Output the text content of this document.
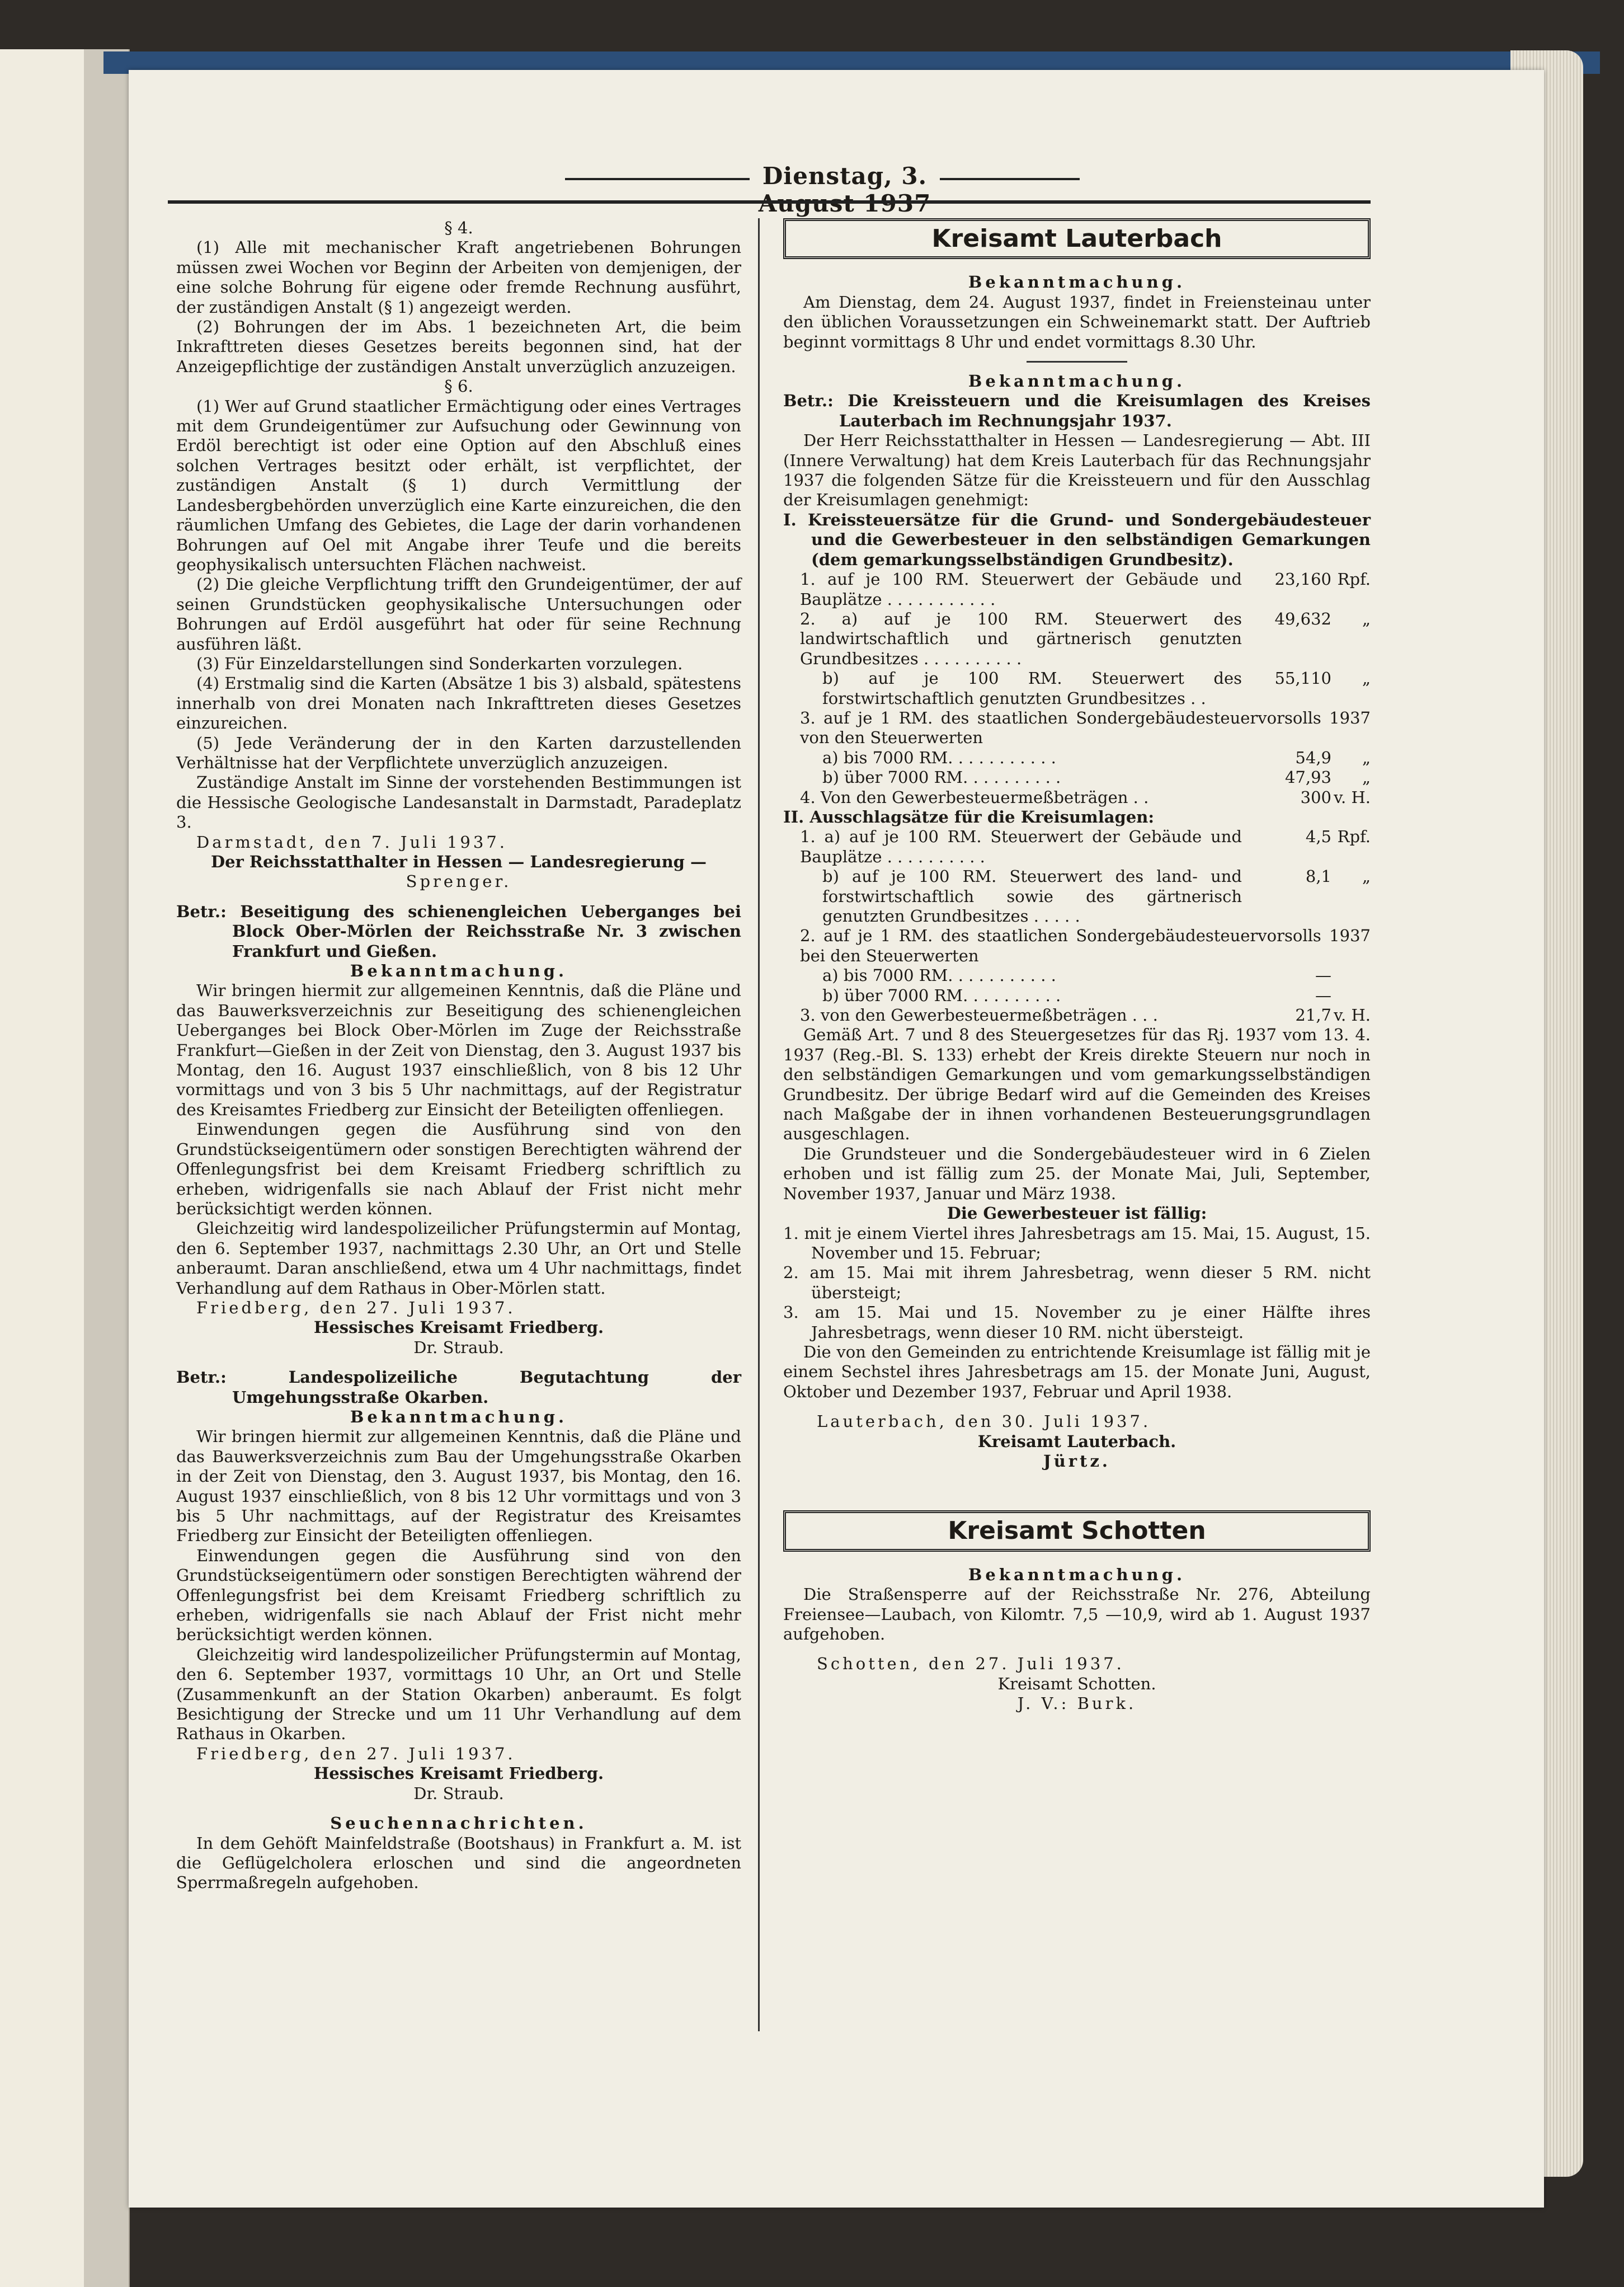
Dienstag, 3.

§ 4.

(1) Alle mit mechanischer Kraft angetriebenen Bohrungen müssen zwei Wochen vor Beginn der Arbeiten von demjenigen, der eine solche Bohrung für eigene oder fremde Rechnung ausführt, der zuständigen Anstalt (§ 1) angezeigt werden.

(2) Bohrungen der im Abs. 1 bezeichneten Art, die beim Inkrafttreten dieses Gesetzes bereits begonnen sind, hat der Anzeigepflichtige der zuständigen Anstalt unverzüglich anzuzeigen.

§ 6.

(1) Wer auf Grund staatlicher Ermächtigung oder eines Vertrages mit dem Grundeigentümer zur Aufsuchung oder Gewinnung von Erdöl berechtigt ist oder eine Option auf den Abschluß eines solchen Vertrages besitzt oder erhält, ist verpflichtet, der zuständigen Anstalt (§ 1) durch Vermittlung der Landesbergbehörden unverzüglich eine Karte einzureichen, die den räumlichen Umfang des Gebietes, die Lage der darin vorhandenen Bohrungen auf Oel mit Angabe ihrer Teufe und die bereits geophysikalisch untersuchten Flächen nachweist.

(2) Die gleiche Verpflichtung trifft den Grundeigentümer, der auf seinen Grundstücken geophysikalische Untersuchungen oder Bohrungen auf Erdöl ausgeführt hat oder für seine Rechnung ausführen läßt.

(3) Für Einzeldarstellungen sind Sonderkarten vorzulegen.

(4) Erstmalig sind die Karten (Absätze 1 bis 3) alsbald, spätestens innerhalb von drei Monaten nach Inkrafttreten dieses Gesetzes einzureichen.

(5) Jede Veränderung der in den Karten darzustellenden Verhältnisse hat der Verpflichtete unverzüglich anzuzeigen.

Zuständige Anstalt im Sinne der vorstehenden Bestimmungen ist die Hessische Geologische Landesanstalt in Darmstadt, Paradeplatz 3.

Darmstadt, den 7. Juli 1937.

Der Reichsstatthalter in Hessen — Landesregierung —

Sprenger.

Betr.: Beseitigung des schienengleichen Ueberganges bei Block Ober-Mörlen der Reichsstraße Nr. 3 zwischen Frankfurt und Gießen.

Bekanntmachung.

Wir bringen hiermit zur allgemeinen Kenntnis, daß die Pläne und das Bauwerksverzeichnis zur Beseitigung des schienengleichen Ueberganges bei Block Ober-Mörlen im Zuge der Reichsstraße Frankfurt—Gießen in der Zeit von Dienstag, den 3. August 1937 bis Montag, den 16. August 1937 einschließlich, von 8 bis 12 Uhr vormittags und von 3 bis 5 Uhr nachmittags, auf der Registratur des Kreisamtes Friedberg zur Einsicht der Beteiligten offenliegen.

Einwendungen gegen die Ausführung sind von den Grundstückseigentümern oder sonstigen Berechtigten während der Offenlegungsfrist bei dem Kreisamt Friedberg schriftlich zu erheben, widrigenfalls sie nach Ablauf der Frist nicht mehr berücksichtigt werden können.

Gleichzeitig wird landespolizeilicher Prüfungstermin auf Montag, den 6. September 1937, nachmittags 2.30 Uhr, an Ort und Stelle anberaumt. Daran anschließend, etwa um 4 Uhr nachmittags, findet Verhandlung auf dem Rathaus in Ober-Mörlen statt.

Friedberg, den 27. Juli 1937.

Hessisches Kreisamt Friedberg.

Dr. Straub.

Betr.: Landespolizeiliche Begutachtung der Umgehungsstraße Okarben.

Bekanntmachung.

Wir bringen hiermit zur allgemeinen Kenntnis, daß die Pläne und das Bauwerksverzeichnis zum Bau der Umgehungsstraße Okarben in der Zeit von Dienstag, den 3. August 1937, bis Montag, den 16. August 1937 einschließlich, von 8 bis 12 Uhr vormittags und von 3 bis 5 Uhr nachmittags, auf der Registratur des Kreisamtes Friedberg zur Einsicht der Beteiligten offenliegen.

Einwendungen gegen die Ausführung sind von den Grundstückseigentümern oder sonstigen Berechtigten während der Offenlegungsfrist bei dem Kreisamt Friedberg schriftlich zu erheben, widrigenfalls sie nach Ablauf der Frist nicht mehr berücksichtigt werden können.

Gleichzeitig wird landespolizeilicher Prüfungstermin auf Montag, den 6. September 1937, vormittags 10 Uhr, an Ort und Stelle (Zusammenkunft an der Station Okarben) anberaumt. Es folgt Besichtigung der Strecke und um 11 Uhr Verhandlung auf dem Rathaus in Okarben.

Friedberg, den 27. Juli 1937.

Hessisches Kreisamt Friedberg.

Dr. Straub.

Seuchennachrichten.

In dem Gehöft Mainfeldstraße (Bootshaus) in Frankfurt a. M. ist die Geflügelcholera erloschen und sind die angeordneten Sperrmaßregeln aufgehoben.

Kreisamt Lauterbach

Bekanntmachung.

Am Dienstag, dem 24. August 1937, findet in Freiensteinau unter den üblichen Voraussetzungen ein Schweinemarkt statt. Der Auftrieb beginnt vormittags 8 Uhr und endet vormittags 8.30 Uhr.

Bekanntmachung.

Betr.: Die Kreissteuern und die Kreisumlagen des Kreises Lauterbach im Rechnungsjahr 1937.

Der Herr Reichsstatthalter in Hessen — Landesregierung — Abt. III (Innere Verwaltung) hat dem Kreis Lauterbach für das Rechnungsjahr 1937 die folgenden Sätze für die Kreissteuern und für den Ausschlag der Kreisumlagen genehmigt:

I. Kreissteuersätze für die Grund- und Sondergebäudesteuer und die Gewerbesteuer in den selbständigen Gemarkungen (dem gemarkungsselbständigen Grundbesitz).

1. auf je 100 RM. Steuerwert der Gebäude und Bauplätze . . . . . . . . . . .
23,160 Rpf.
2. a) auf je 100 RM. Steuerwert des landwirtschaftlich und gärtnerisch genutzten Grundbesitzes . . . . . . . . . .
49,632	„
b) auf je 100 RM. Steuerwert des forstwirtschaftlich genutzten Grundbesitzes . .
55,110	„

3. auf je 1 RM. des staatlichen Sondergebäudesteuervorsolls 1937 von den Steuerwerten

a) bis 7000 RM. . . . . . . . . . .	54,9	„
b) über 7000 RM. . . . . . . . . .	47,93	„
4. Von den Gewerbesteuermeßbeträgen . .	300 v. H.

II. Ausschlagsätze für die Kreisumlagen:

1. a) auf je 100 RM. Steuerwert der Gebäude und Bauplätze . . . . . . . . . .
4,5 Rpf.
b) auf je 100 RM. Steuerwert des land- und forstwirtschaftlich sowie des gärtnerisch genutzten Grundbesitzes . . . . .
8,1	„

2. auf je 1 RM. des staatlichen Sondergebäudesteuervorsolls 1937 bei den Steuerwerten

a) bis 7000 RM. . . . . . . . . . .	—
b) über 7000 RM. . . . . . . . . .	—
3. von den Gewerbesteuermeßbeträgen . . .	21,7 v. H.

Gemäß Art. 7 und 8 des Steuergesetzes für das Rj. 1937 vom 13. 4. 1937 (Reg.-Bl. S. 133) erhebt der Kreis direkte Steuern nur noch in den selbständigen Gemarkungen und vom gemarkungsselbständigen Grundbesitz. Der übrige Bedarf wird auf die Gemeinden des Kreises nach Maßgabe der in ihnen vorhandenen Besteuerungsgrundlagen ausgeschlagen.

Die Grundsteuer und die Sondergebäudesteuer wird in 6 Zielen erhoben und ist fällig zum 25. der Monate Mai, Juli, September, November 1937, Januar und März 1938.

Die Gewerbesteuer ist fällig:

1. mit je einem Viertel ihres Jahresbetrags am 15. Mai, 15. August, 15. November und 15. Februar;

2. am 15. Mai mit ihrem Jahresbetrag, wenn dieser 5 RM. nicht übersteigt;

3. am 15. Mai und 15. November zu je einer Hälfte ihres Jahresbetrags, wenn dieser 10 RM. nicht übersteigt.

Die von den Gemeinden zu entrichtende Kreisumlage ist fällig mit je einem Sechstel ihres Jahresbetrags am 15. der Monate Juni, August, Oktober und Dezember 1937, Februar und April 1938.

Lauterbach, den 30. Juli 1937.

Kreisamt Lauterbach.

Jürtz.

Kreisamt Schotten

Bekanntmachung.

Die Straßensperre auf der Reichsstraße Nr. 276, Abteilung Freiensee—Laubach, von Kilomtr. 7,5 —10,9, wird ab 1. August 1937 aufgehoben.

Schotten, den 27. Juli 1937.

Kreisamt Schotten.

J. V.: Burk.
